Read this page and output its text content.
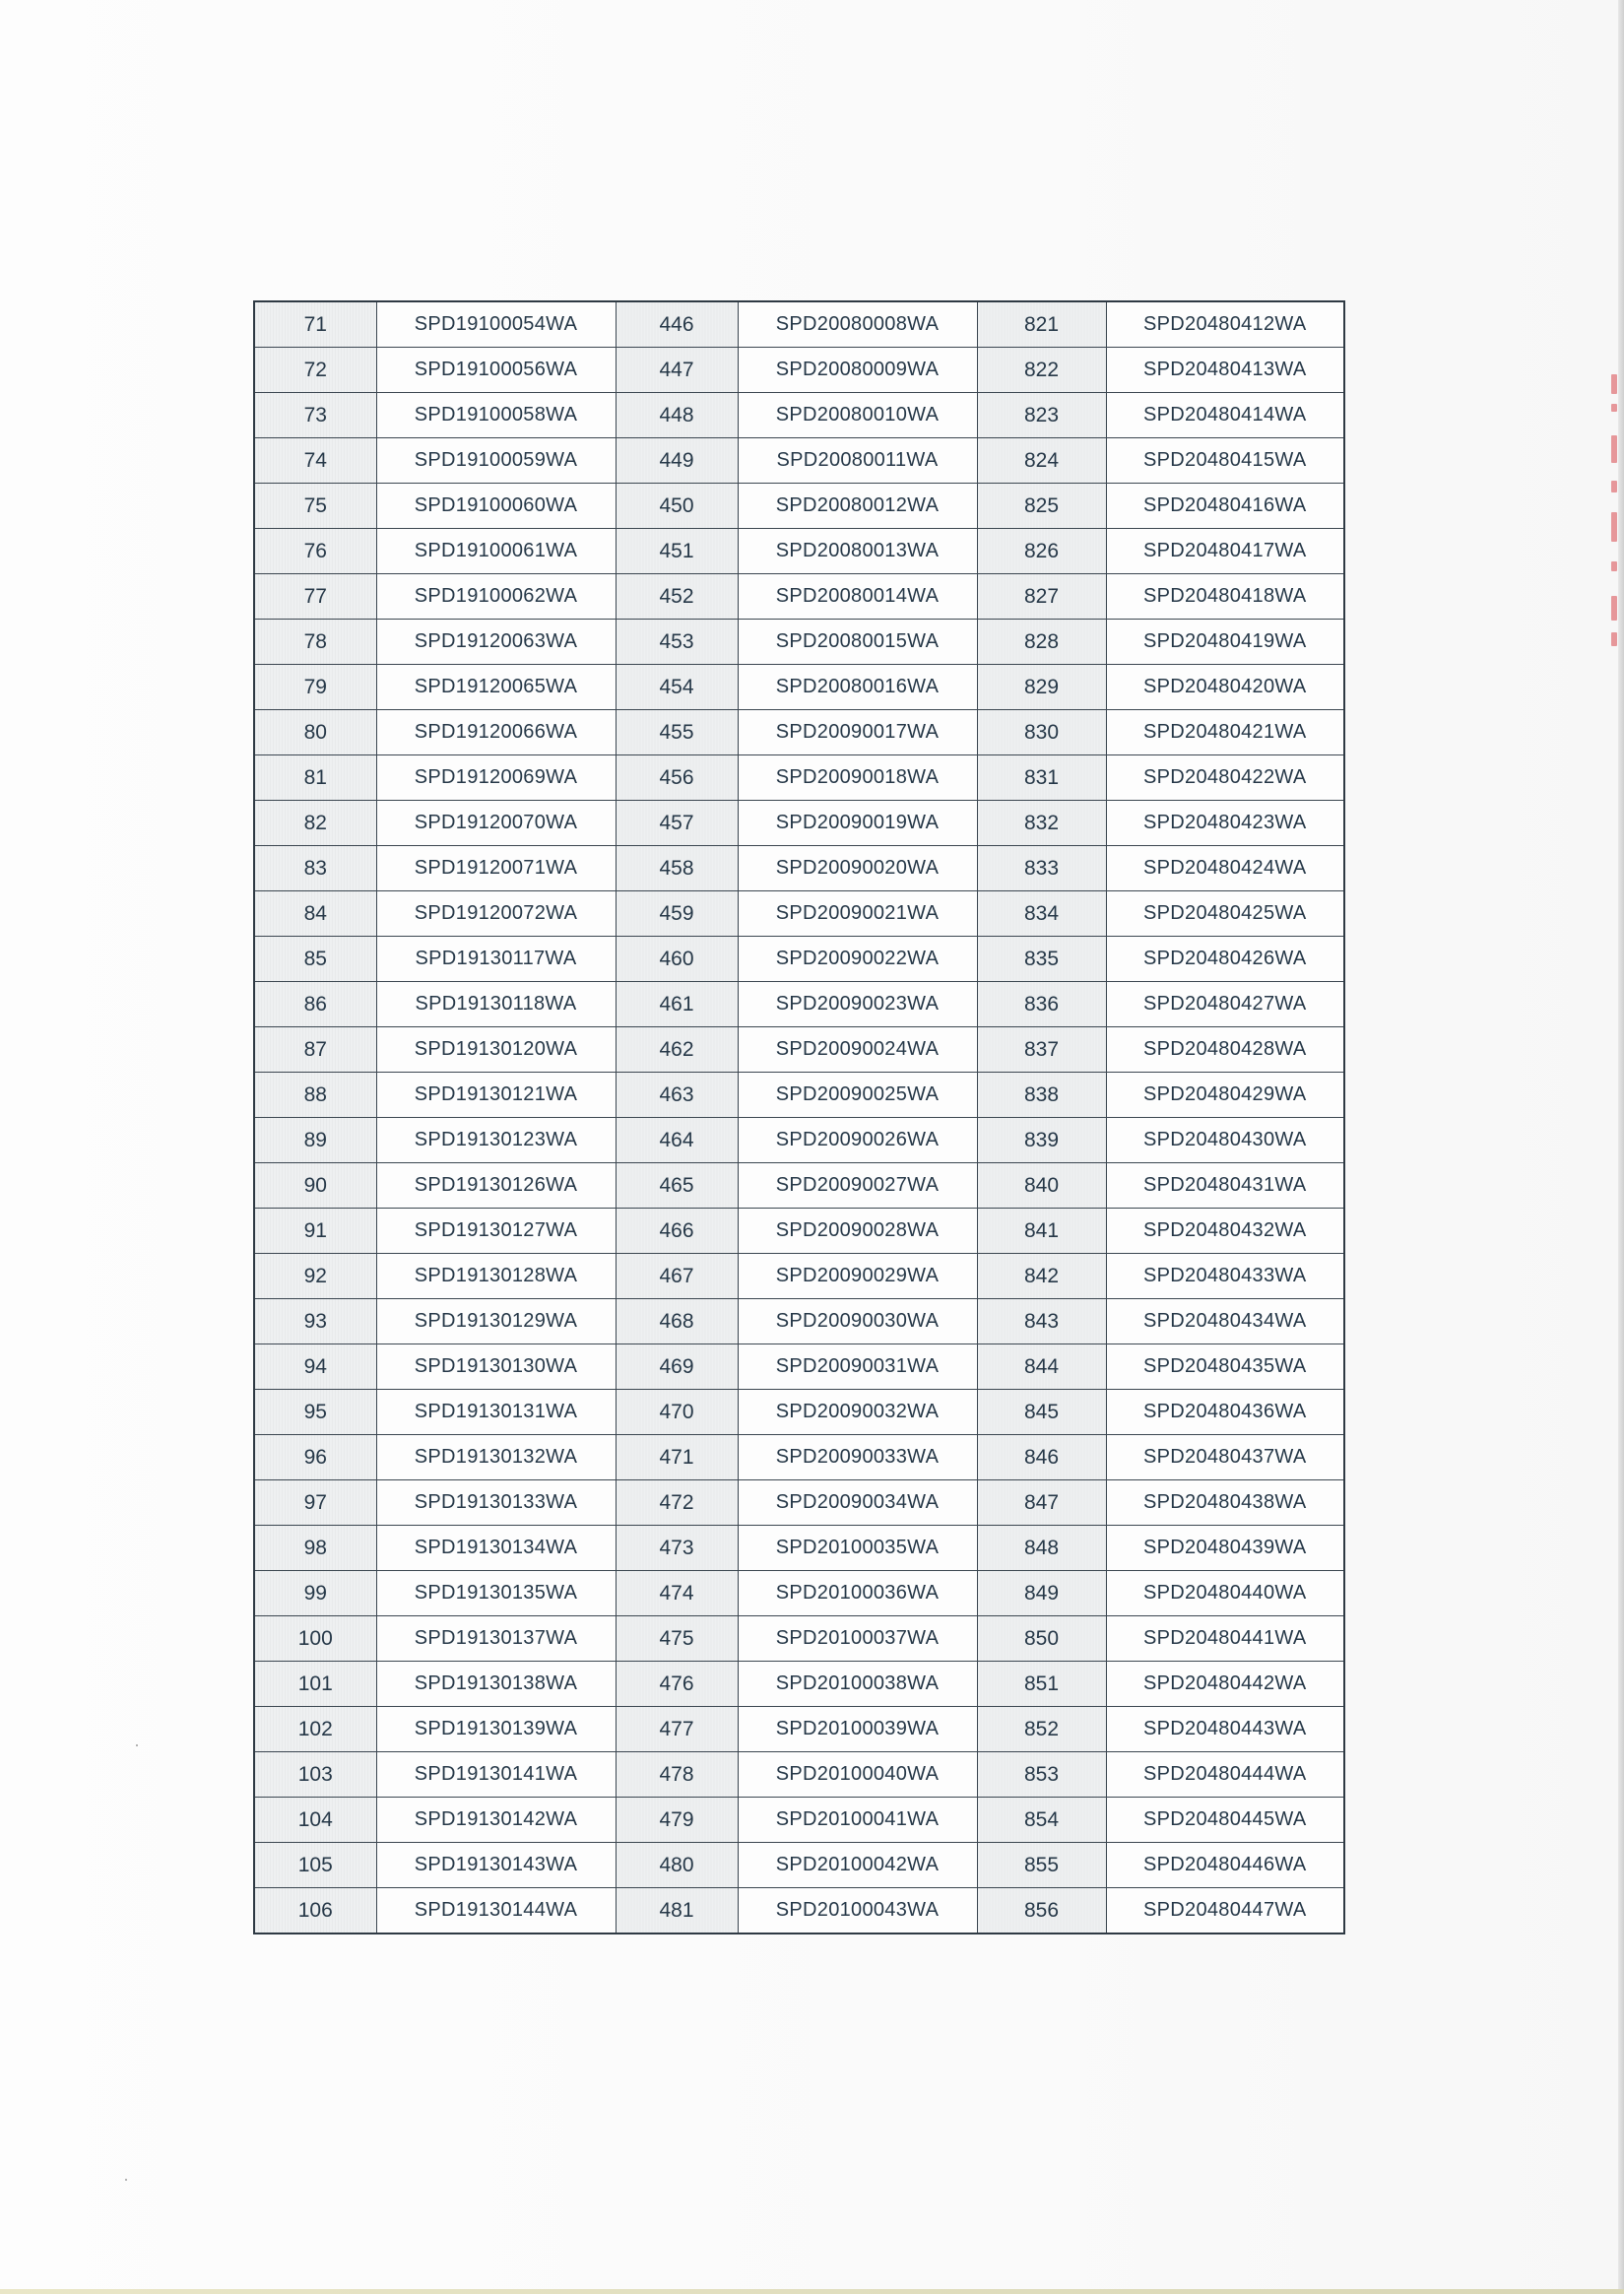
71	SPD19100054WA	446	SPD20080008WA	821	SPD20480412WA
72	SPD19100056WA	447	SPD20080009WA	822	SPD20480413WA
73	SPD19100058WA	448	SPD20080010WA	823	SPD20480414WA
74	SPD19100059WA	449	SPD20080011WA	824	SPD20480415WA
75	SPD19100060WA	450	SPD20080012WA	825	SPD20480416WA
76	SPD19100061WA	451	SPD20080013WA	826	SPD20480417WA
77	SPD19100062WA	452	SPD20080014WA	827	SPD20480418WA
78	SPD19120063WA	453	SPD20080015WA	828	SPD20480419WA
79	SPD19120065WA	454	SPD20080016WA	829	SPD20480420WA
80	SPD19120066WA	455	SPD20090017WA	830	SPD20480421WA
81	SPD19120069WA	456	SPD20090018WA	831	SPD20480422WA
82	SPD19120070WA	457	SPD20090019WA	832	SPD20480423WA
83	SPD19120071WA	458	SPD20090020WA	833	SPD20480424WA
84	SPD19120072WA	459	SPD20090021WA	834	SPD20480425WA
85	SPD19130117WA	460	SPD20090022WA	835	SPD20480426WA
86	SPD19130118WA	461	SPD20090023WA	836	SPD20480427WA
87	SPD19130120WA	462	SPD20090024WA	837	SPD20480428WA
88	SPD19130121WA	463	SPD20090025WA	838	SPD20480429WA
89	SPD19130123WA	464	SPD20090026WA	839	SPD20480430WA
90	SPD19130126WA	465	SPD20090027WA	840	SPD20480431WA
91	SPD19130127WA	466	SPD20090028WA	841	SPD20480432WA
92	SPD19130128WA	467	SPD20090029WA	842	SPD20480433WA
93	SPD19130129WA	468	SPD20090030WA	843	SPD20480434WA
94	SPD19130130WA	469	SPD20090031WA	844	SPD20480435WA
95	SPD19130131WA	470	SPD20090032WA	845	SPD20480436WA
96	SPD19130132WA	471	SPD20090033WA	846	SPD20480437WA
97	SPD19130133WA	472	SPD20090034WA	847	SPD20480438WA
98	SPD19130134WA	473	SPD20100035WA	848	SPD20480439WA
99	SPD19130135WA	474	SPD20100036WA	849	SPD20480440WA
100	SPD19130137WA	475	SPD20100037WA	850	SPD20480441WA
101	SPD19130138WA	476	SPD20100038WA	851	SPD20480442WA
102	SPD19130139WA	477	SPD20100039WA	852	SPD20480443WA
103	SPD19130141WA	478	SPD20100040WA	853	SPD20480444WA
104	SPD19130142WA	479	SPD20100041WA	854	SPD20480445WA
105	SPD19130143WA	480	SPD20100042WA	855	SPD20480446WA
106	SPD19130144WA	481	SPD20100043WA	856	SPD20480447WA
